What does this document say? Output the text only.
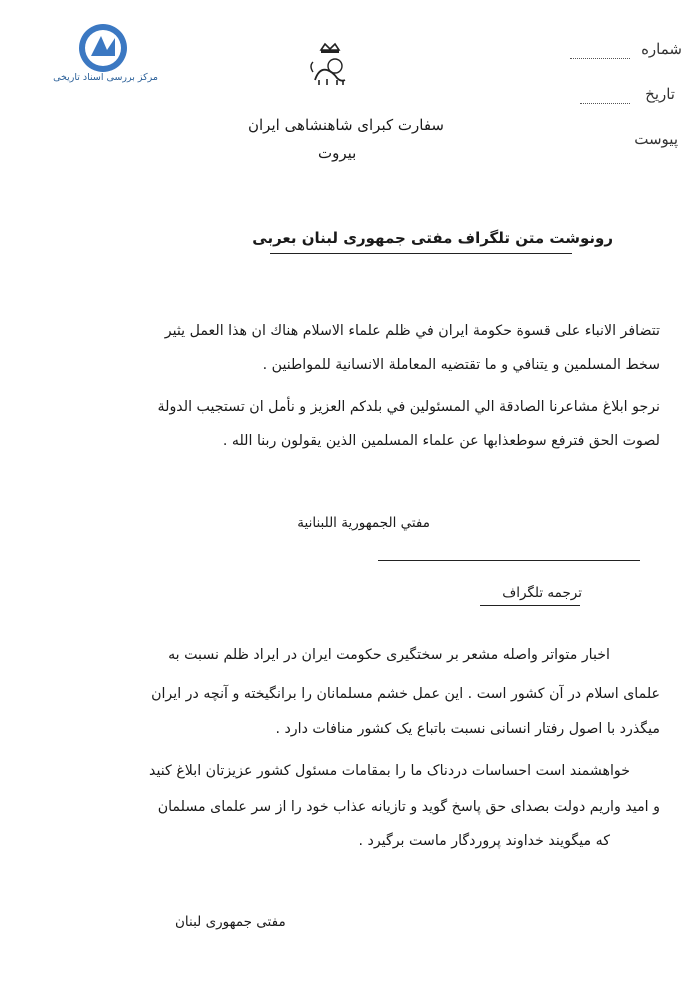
مرکز بررسی اسناد تاریخی
شماره
تاریخ
پیوست
سفارت کبرای شاهنشاهی ایران
بیروت
رونوشت متن تلگراف مفتی جمهوری لبنان بعربی
تتضافر الانباء على قسوة حكومة ايران في ظلم علماء الاسلام هناك ان هذا العمل يثير
سخط المسلمين و يتنافي و ما تقتضيه المعاملة الانسانية للمواطنين .
نرجو ابلاغ مشاعرنا الصادقة الي المسئولين في بلدكم العزيز و نأمل ان تستجيب الدولة
لصوت الحق فترفع سوطعذابها عن علماء المسلمين الذين يقولون ربنا الله .
مفتي الجمهورية اللبنانية
ترجمه تلگراف
اخبار متواتر واصله مشعر بر سختگیری حکومت ایران در ایراد ظلم نسبت به
علمای اسلام در آن کشور است . این عمل خشم مسلمانان را برانگیخته و آنچه در ایران
میگذرد با اصول رفتار انسانی نسبت باتباع یک کشور منافات دارد .
خواهشمند است احساسات دردناک ما را بمقامات مسئول کشور عزیزتان ابلاغ کنید
و امید واریم دولت بصدای حق پاسخ گوید و تازیانه عذاب خود را از سر علمای مسلمان
که میگویند خداوند پروردگار ماست برگیرد .
مفتی جمهوری لبنان
